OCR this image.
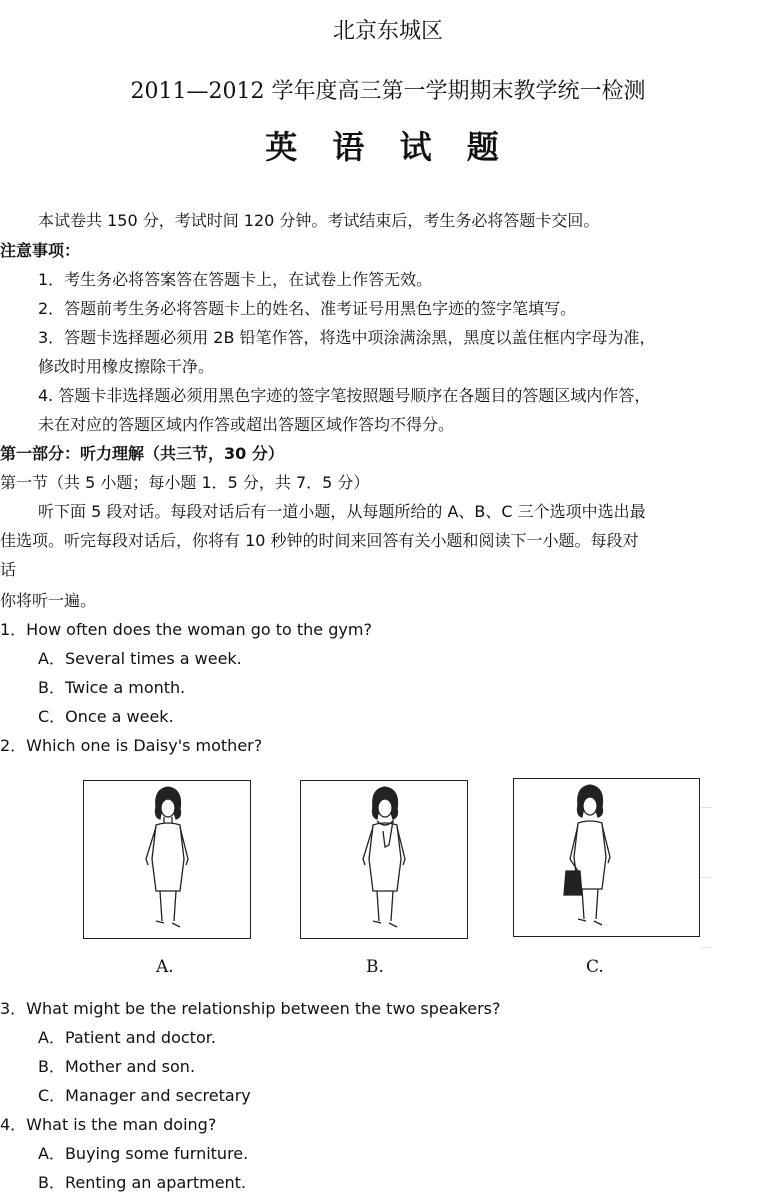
北京东城区
2011—2012 学年度高三第一学期期末教学统一检测
英 语 试 题
本试卷共 150 分，考试时间 120 分钟。考试结束后，考生务必将答题卡交回。
注意事项：
1．考生务必将答案答在答题卡上，在试卷上作答无效。
2．答题前考生务必将答题卡上的姓名、准考证号用黑色字迹的签字笔填写。
3．答题卡选择题必须用 2B 铅笔作答，将选中项涂满涂黑，黑度以盖住框内字母为准，
修改时用橡皮擦除干净。
4. 答题卡非选择题必须用黑色字迹的签字笔按照题号顺序在各题目的答题区域内作答，
未在对应的答题区域内作答或超出答题区域作答均不得分。
第一部分：听力理解（共三节，30 分）
第一节（共 5 小题；每小题 1．5 分，共 7．5 分）
听下面 5 段对话。每段对话后有一道小题，从每题所给的 A、B、C 三个选项中选出最
佳选项。听完每段对话后，你将有 10 秒钟的时间来回答有关小题和阅读下一小题。每段对
话
你将听一遍。
1．How often does the woman go to the gym?
A．Several times a week.
B．Twice a month.
C．Once a week.
2．Which one is Daisy's mother?
—
—
—
A.	B.	C.
3．What might be the relationship between the two speakers?
A．Patient and doctor.
B．Mother and son.
C．Manager and secretary
4．What is the man doing?
A．Buying some furniture.
B．Renting an apartment.
